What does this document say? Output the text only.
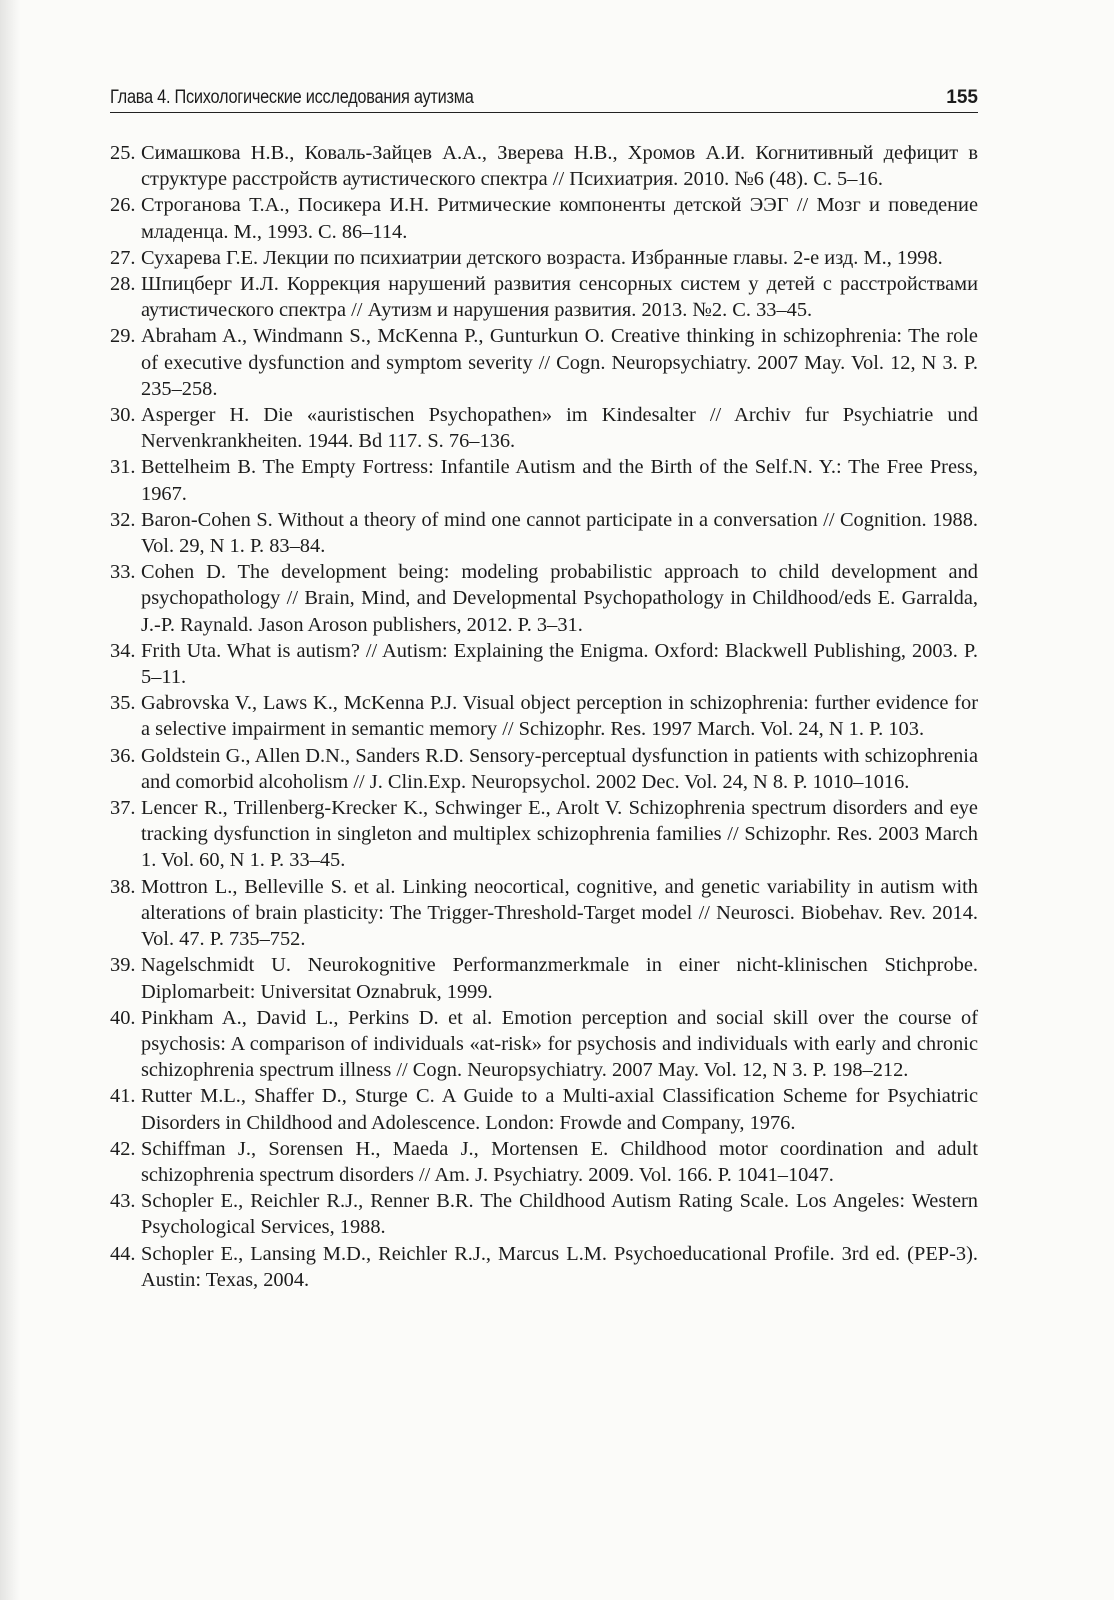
Глава 4. Психологические исследования аутизма	155
25. Симашкова Н.В., Коваль-Зайцев А.А., Зверева Н.В., Хромов А.И. Когнитивный дефицит в структуре расстройств аутистического спектра // Психиатрия. 2010. №6 (48). С. 5–16.
26. Строганова Т.А., Посикера И.Н. Ритмические компоненты детской ЭЭГ // Мозг и поведение младенца. М., 1993. С. 86–114.
27. Сухарева Г.Е. Лекции по психиатрии детского возраста. Избранные главы. 2-е изд. М., 1998.
28. Шпицберг И.Л. Коррекция нарушений развития сенсорных систем у детей с расстройствами аутистического спектра // Аутизм и нарушения развития. 2013. №2. С. 33–45.
29. Abraham A., Windmann S., McKenna P., Gunturkun O. Creative thinking in schizophrenia: The role of executive dysfunction and symptom severity // Cogn. Neuropsychiatry. 2007 May. Vol. 12, N 3. P. 235–258.
30. Asperger H. Die «auristischen Psychopathen» im Kindesalter // Archiv fur Psychiatrie und Nervenkrankheiten. 1944. Bd 117. S. 76–136.
31. Bettelheim B. The Empty Fortress: Infantile Autism and the Birth of the Self.N. Y.: The Free Press, 1967.
32. Baron-Cohen S. Without a theory of mind one cannot participate in a conversation // Cognition. 1988. Vol. 29, N 1. P. 83–84.
33. Cohen D. The development being: modeling probabilistic approach to child development and psychopathology // Brain, Mind, and Developmental Psychopathology in Childhood/eds E. Garralda, J.-P. Raynald. Jason Aroson publishers, 2012. P. 3–31.
34. Frith Uta. What is autism? // Autism: Explaining the Enigma. Oxford: Blackwell Publishing, 2003. P. 5–11.
35. Gabrovska V., Laws K., McKenna P.J. Visual object perception in schizophrenia: further evidence for a selective impairment in semantic memory // Schizophr. Res. 1997 March. Vol. 24, N 1. P. 103.
36. Goldstein G., Allen D.N., Sanders R.D. Sensory-perceptual dysfunction in patients with schizophrenia and comorbid alcoholism // J. Clin.Exp. Neuropsychol. 2002 Dec. Vol. 24, N 8. P. 1010–1016.
37. Lencer R., Trillenberg-Krecker K., Schwinger E., Arolt V. Schizophrenia spectrum disorders and eye tracking dysfunction in singleton and multiplex schizophrenia families // Schizophr. Res. 2003 March 1. Vol. 60, N 1. P. 33–45.
38. Mottron L., Belleville S. et al. Linking neocortical, cognitive, and genetic variability in autism with alterations of brain plasticity: The Trigger-Threshold-Target model // Neurosci. Biobehav. Rev. 2014. Vol. 47. P. 735–752.
39. Nagelschmidt U. Neurokognitive Performanzmerkmale in einer nicht-klinischen Stichprobe. Diplomarbeit: Universitat Oznabruk, 1999.
40. Pinkham A., David L., Perkins D. et al. Emotion perception and social skill over the course of psychosis: A comparison of individuals «at-risk» for psychosis and individuals with early and chronic schizophrenia spectrum illness // Cogn. Neuropsychiatry. 2007 May. Vol. 12, N 3. P. 198–212.
41. Rutter M.L., Shaffer D., Sturge C. A Guide to a Multi-axial Classification Scheme for Psychiatric Disorders in Childhood and Adolescence. London: Frowde and Company, 1976.
42. Schiffman J., Sorensen H., Maeda J., Mortensen E. Childhood motor coordination and adult schizophrenia spectrum disorders // Am. J. Psychiatry. 2009. Vol. 166. P. 1041–1047.
43. Schopler E., Reichler R.J., Renner B.R. The Childhood Autism Rating Scale. Los Angeles: Western Psychological Services, 1988.
44. Schopler E., Lansing M.D., Reichler R.J., Marcus L.M. Psychoeducational Profile. 3rd ed. (PEP-3). Austin: Texas, 2004.
